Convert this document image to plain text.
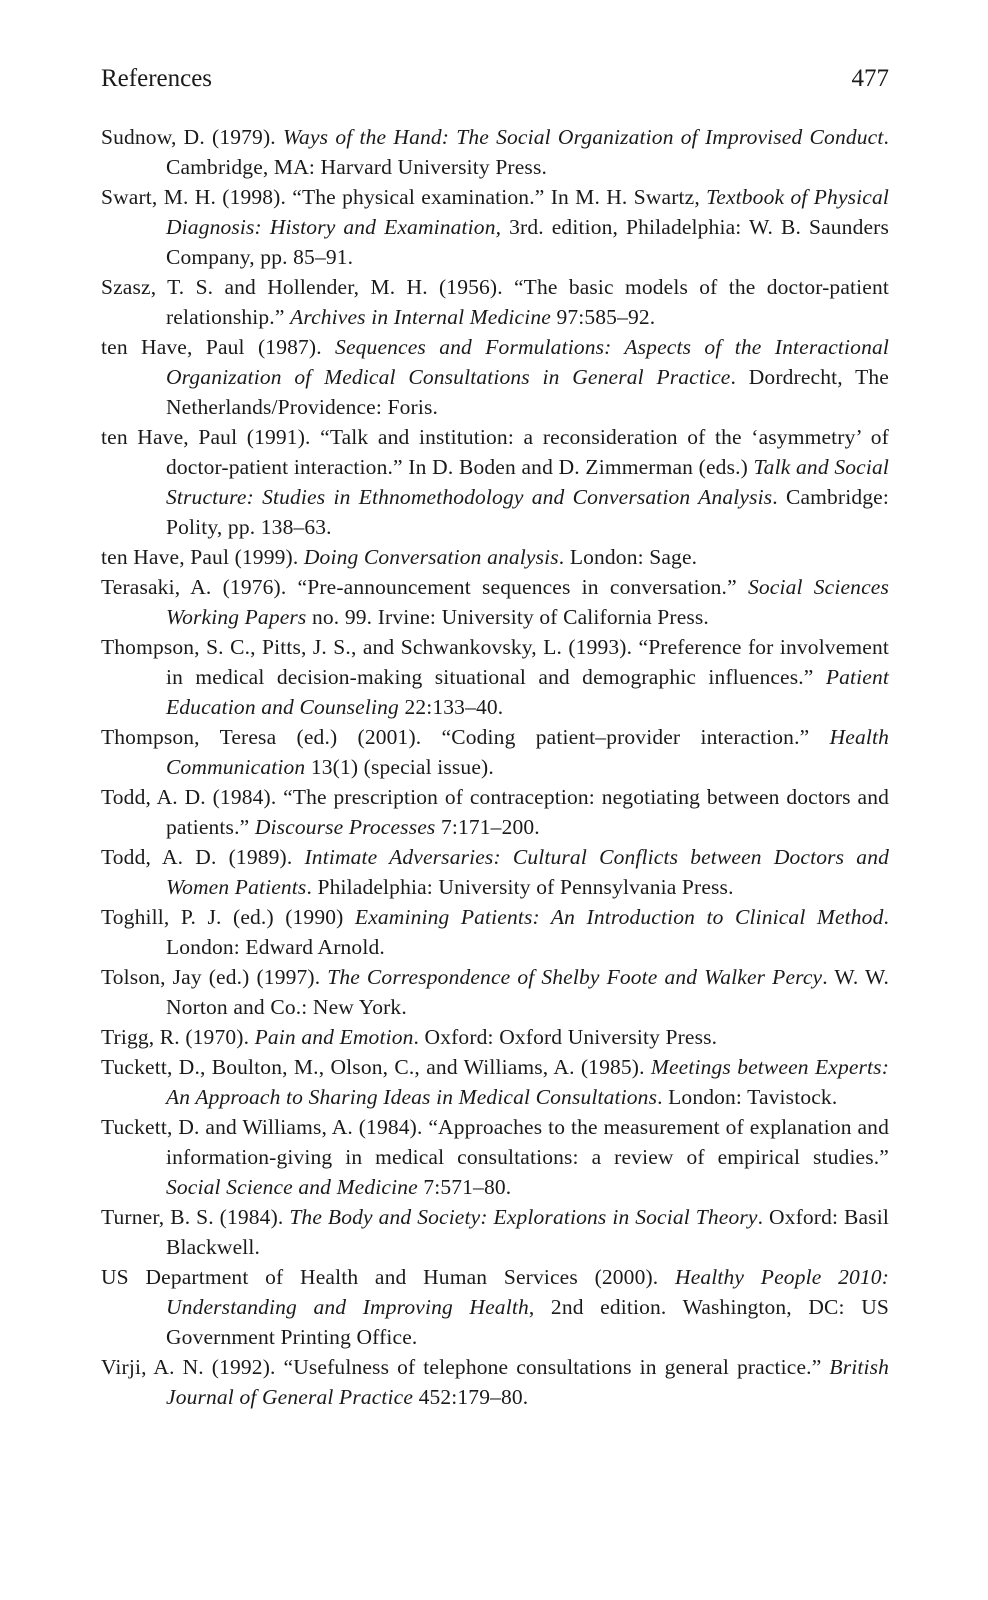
References	477
Sudnow, D. (1979). Ways of the Hand: The Social Organization of Improvised Conduct. Cambridge, MA: Harvard University Press.
Swart, M. H. (1998). “The physical examination.” In M. H. Swartz, Textbook of Physical Diagnosis: History and Examination, 3rd. edition, Philadelphia: W. B. Saunders Company, pp. 85–91.
Szasz, T. S. and Hollender, M. H. (1956). “The basic models of the doctor-patient relationship.” Archives in Internal Medicine 97:585–92.
ten Have, Paul (1987). Sequences and Formulations: Aspects of the Interactional Organization of Medical Consultations in General Practice. Dordrecht, The Netherlands/Providence: Foris.
ten Have, Paul (1991). “Talk and institution: a reconsideration of the ‘asymmetry’ of doctor-patient interaction.” In D. Boden and D. Zimmerman (eds.) Talk and Social Structure: Studies in Ethnomethodology and Conversation Analysis. Cambridge: Polity, pp. 138–63.
ten Have, Paul (1999). Doing Conversation analysis. London: Sage.
Terasaki, A. (1976). “Pre-announcement sequences in conversation.” Social Sciences Working Papers no. 99. Irvine: University of California Press.
Thompson, S. C., Pitts, J. S., and Schwankovsky, L. (1993). “Preference for involvement in medical decision-making situational and demographic influences.” Patient Education and Counseling 22:133–40.
Thompson, Teresa (ed.) (2001). “Coding patient–provider interaction.” Health Communication 13(1) (special issue).
Todd, A. D. (1984). “The prescription of contraception: negotiating between doctors and patients.” Discourse Processes 7:171–200.
Todd, A. D. (1989). Intimate Adversaries: Cultural Conflicts between Doctors and Women Patients. Philadelphia: University of Pennsylvania Press.
Toghill, P. J. (ed.) (1990) Examining Patients: An Introduction to Clinical Method. London: Edward Arnold.
Tolson, Jay (ed.) (1997). The Correspondence of Shelby Foote and Walker Percy. W. W. Norton and Co.: New York.
Trigg, R. (1970). Pain and Emotion. Oxford: Oxford University Press.
Tuckett, D., Boulton, M., Olson, C., and Williams, A. (1985). Meetings between Experts: An Approach to Sharing Ideas in Medical Consultations. London: Tavistock.
Tuckett, D. and Williams, A. (1984). “Approaches to the measurement of explanation and information-giving in medical consultations: a review of empirical studies.” Social Science and Medicine 7:571–80.
Turner, B. S. (1984). The Body and Society: Explorations in Social Theory. Oxford: Basil Blackwell.
US Department of Health and Human Services (2000). Healthy People 2010: Understanding and Improving Health, 2nd edition. Washington, DC: US Government Printing Office.
Virji, A. N. (1992). “Usefulness of telephone consultations in general practice.” British Journal of General Practice 452:179–80.
